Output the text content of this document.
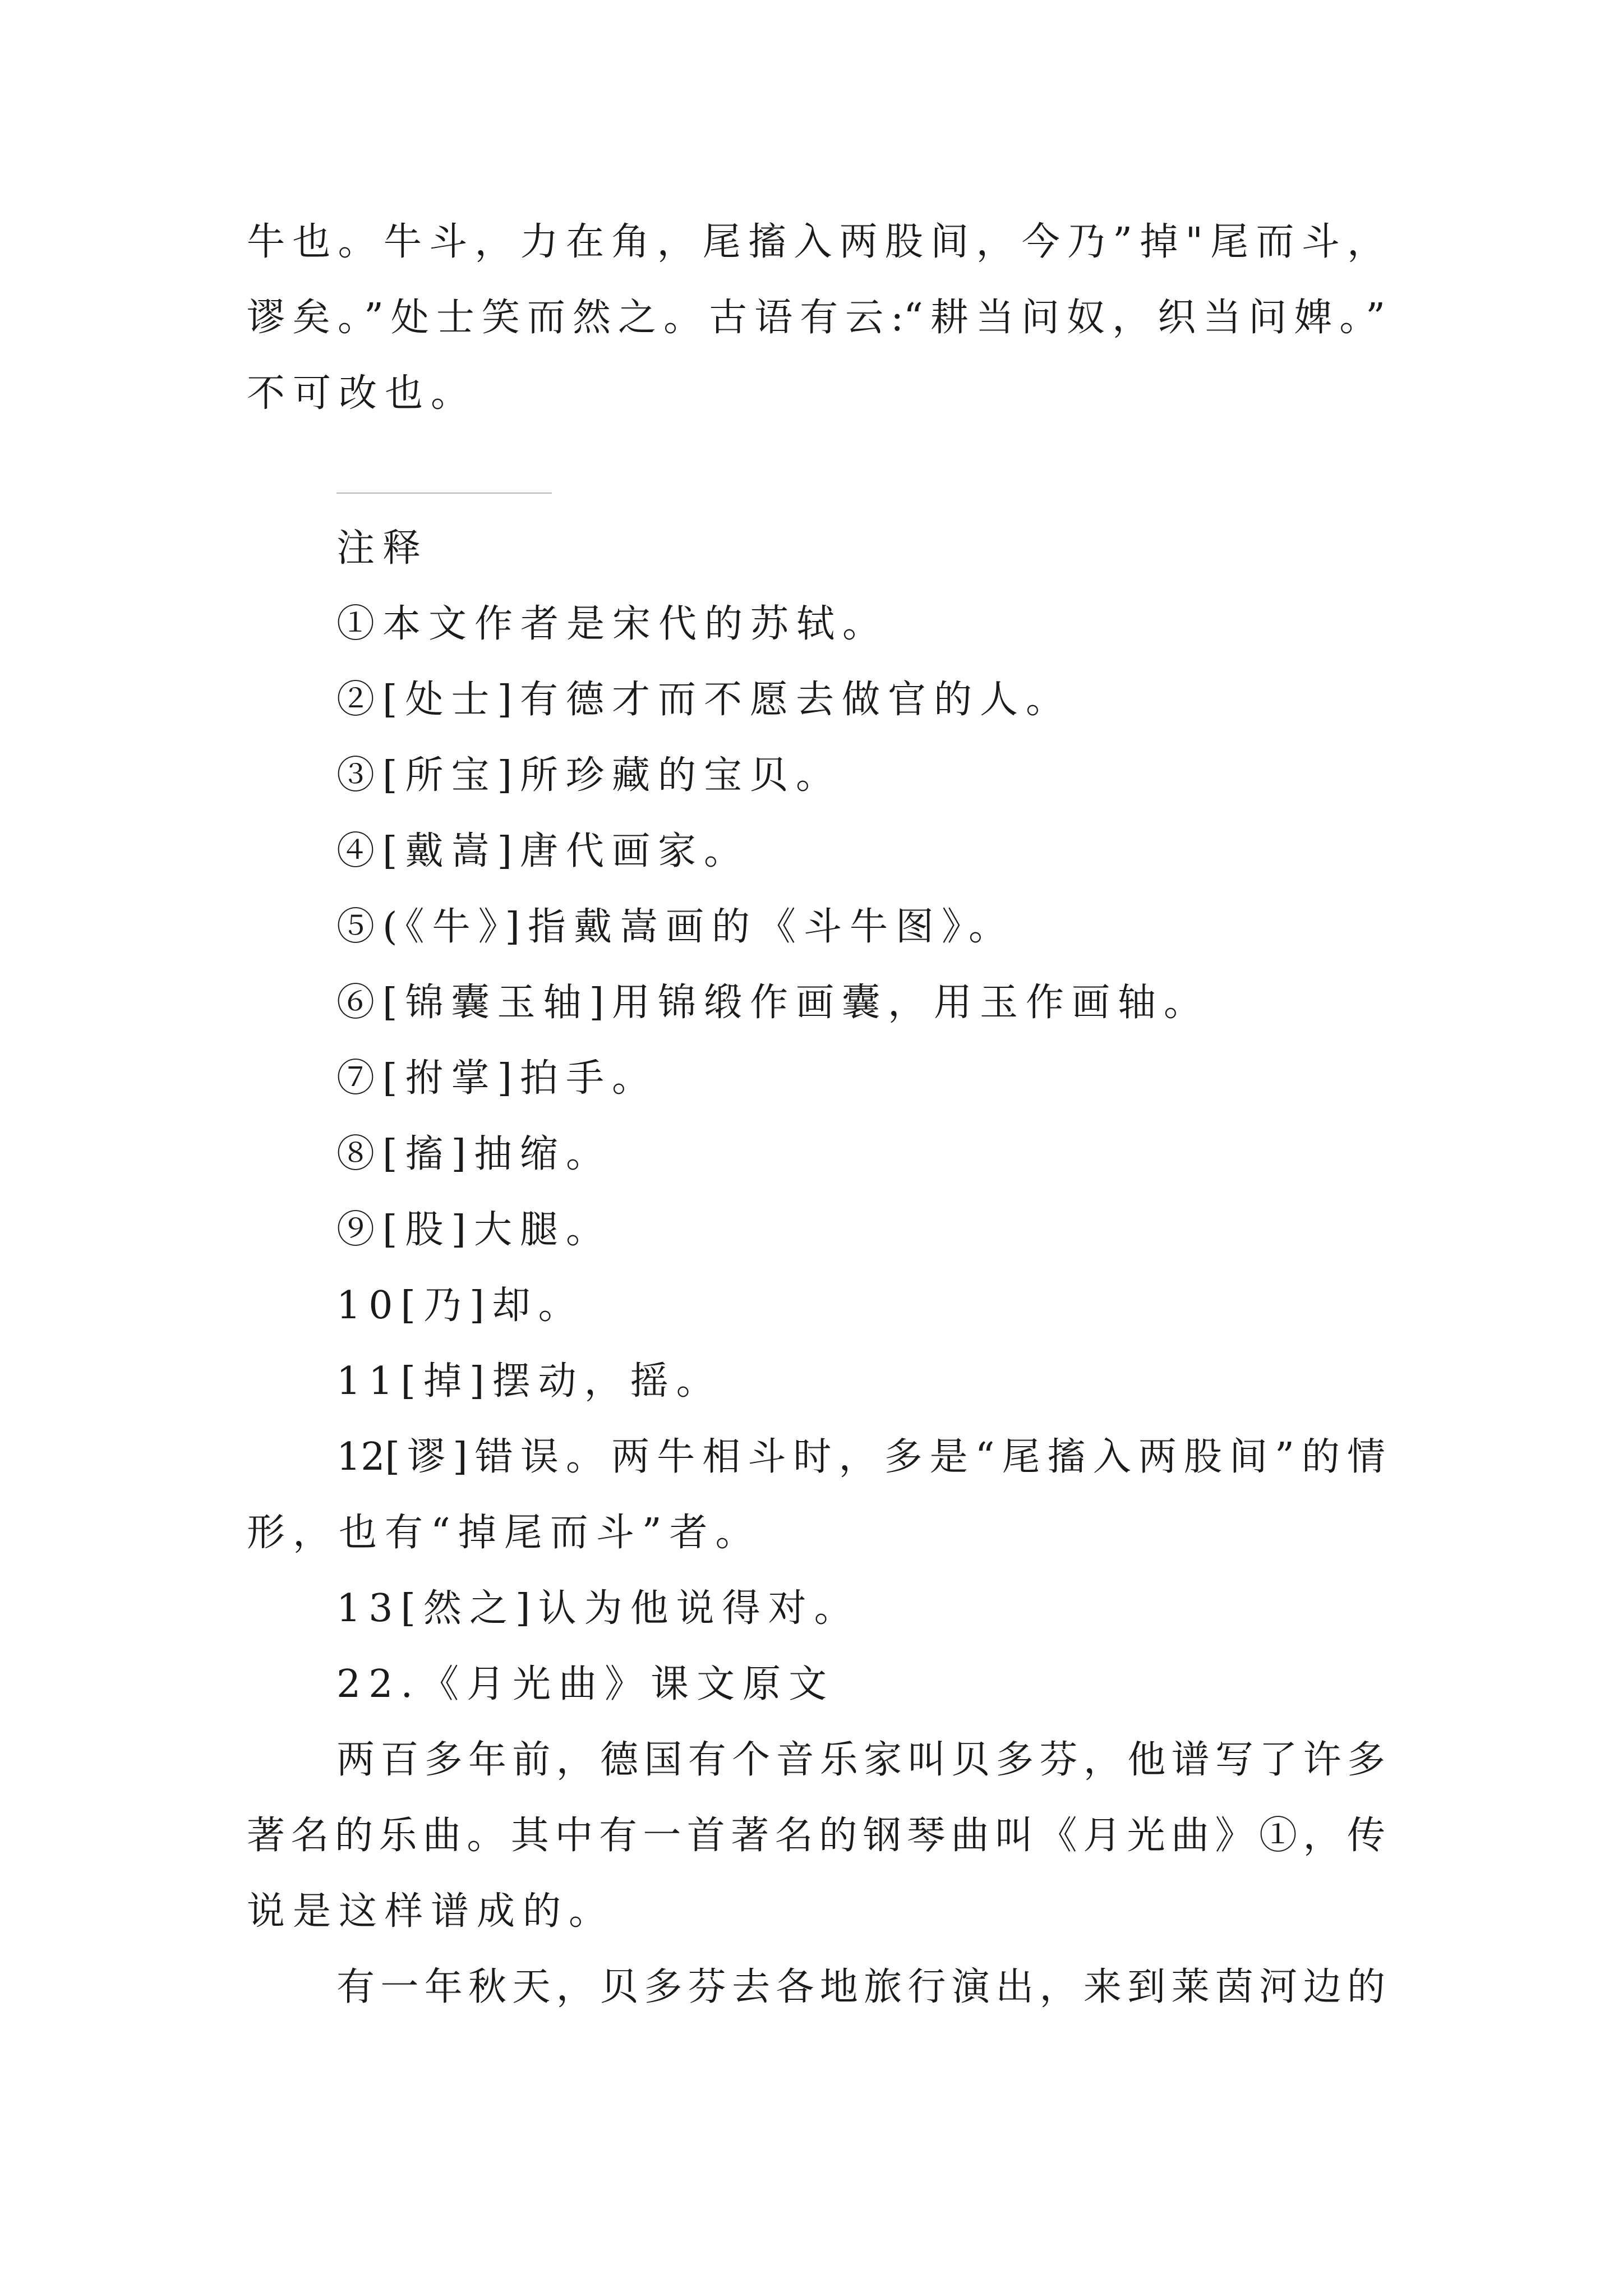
牛也。牛斗，力在角，尾搐入两股间，今乃”掉"尾而斗，
谬矣。”处士笑而然之。古语有云:“耕当问奴，织当问婢。”
不可改也。
注释
①本文作者是宋代的苏轼。
②[处士]有德才而不愿去做官的人。
③[所宝]所珍藏的宝贝。
④[戴嵩]唐代画家。
⑤(《牛》]指戴嵩画的《斗牛图》。
⑥[锦囊玉轴]用锦缎作画囊，用玉作画轴。
⑦[拊掌]拍手。
⑧[搐]抽缩。
⑨[股]大腿。
10[乃]却。
11[掉]摆动，摇。
12[谬]错误。两牛相斗时，多是“尾搐入两股间”的情
形，也有“掉尾而斗”者。
13[然之]认为他说得对。
22.《月光曲》课文原文
两百多年前，德国有个音乐家叫贝多芬，他谱写了许多
著名的乐曲。其中有一首著名的钢琴曲叫《月光曲》①，传
说是这样谱成的。
有一年秋天，贝多芬去各地旅行演出，来到莱茵河边的
